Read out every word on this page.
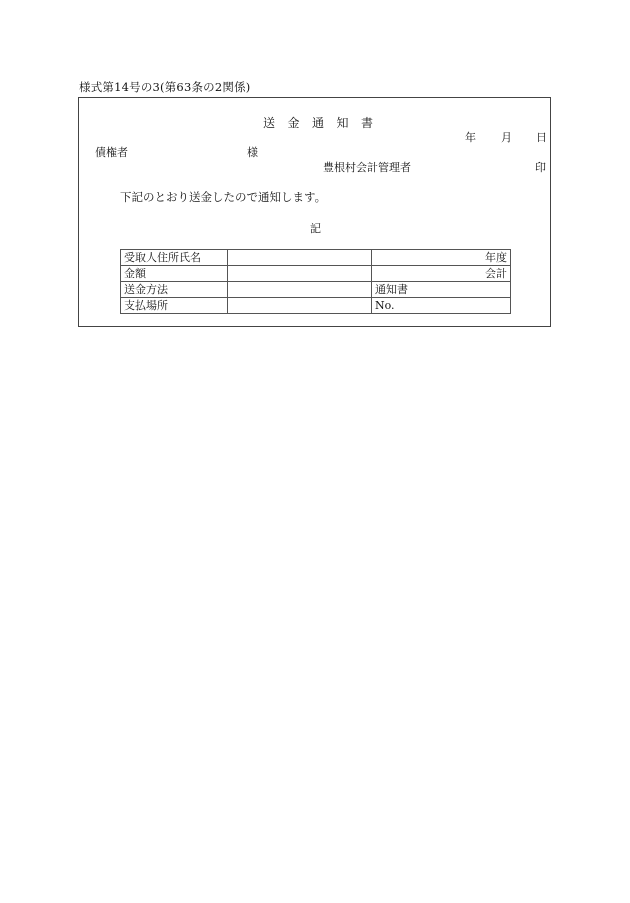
様式第14号の3(第63条の2関係)
送金通知書
年 月 日
債権者	様
豊根村会計管理者	印
下記のとおり送金したので通知します。
記
受取人住所氏名		年度
金額		会計
送金方法		通知書
支払場所		No.
